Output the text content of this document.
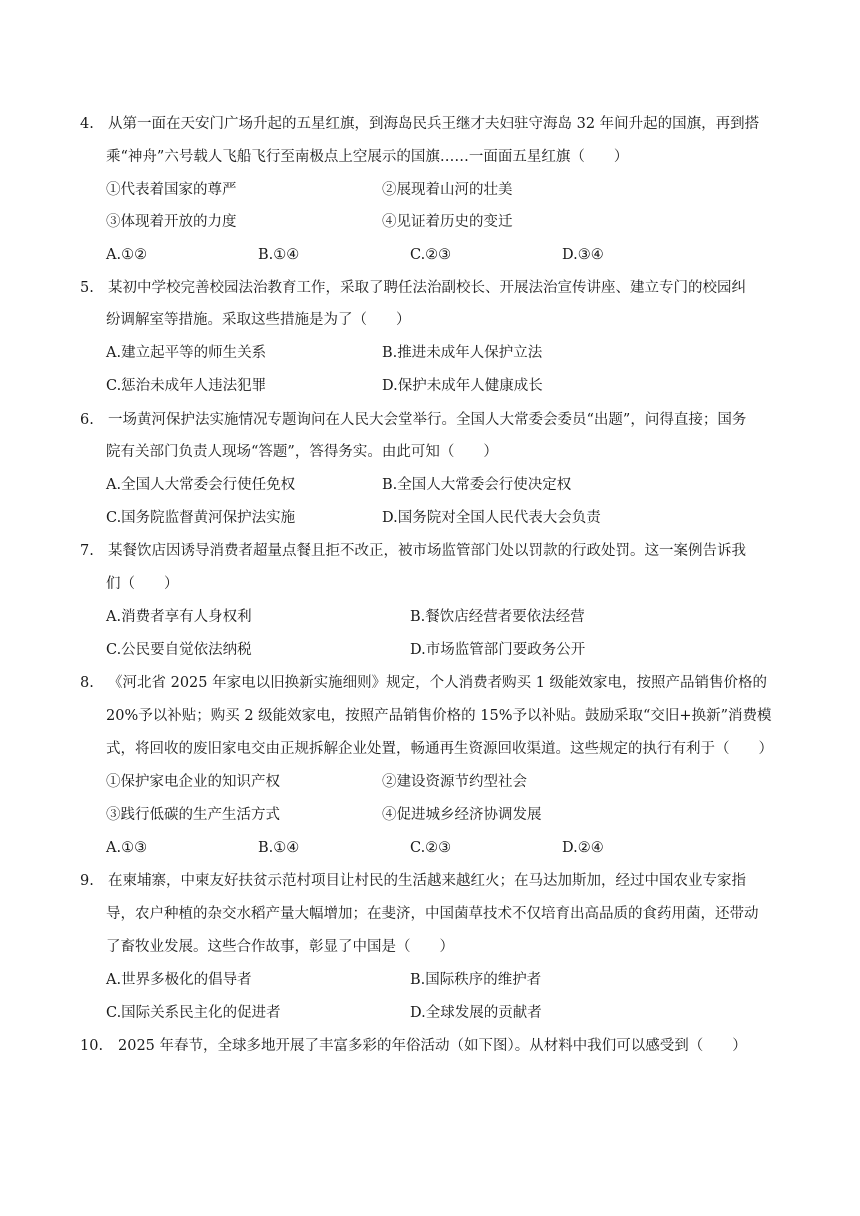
4. 从第一面在天安门广场升起的五星红旗，到海岛民兵王继才夫妇驻守海岛 32 年间升起的国旗，再到搭
乘“神舟”六号载人飞船飞行至南极点上空展示的国旗……一面面五星红旗（　　）
①代表着国家的尊严	②展现着山河的壮美
③体现着开放的力度	④见证着历史的变迁
A.①②	B.①④	C.②③	D.③④
5. 某初中学校完善校园法治教育工作，采取了聘任法治副校长、开展法治宣传讲座、建立专门的校园纠
纷调解室等措施。采取这些措施是为了（　　）
A.建立起平等的师生关系	B.推进未成年人保护立法
C.惩治未成年人违法犯罪	D.保护未成年人健康成长
6. 一场黄河保护法实施情况专题询问在人民大会堂举行。全国人大常委会委员“出题”，问得直接；国务
院有关部门负责人现场“答题”，答得务实。由此可知（　　）
A.全国人大常委会行使任免权	B.全国人大常委会行使决定权
C.国务院监督黄河保护法实施	D.国务院对全国人民代表大会负责
7. 某餐饮店因诱导消费者超量点餐且拒不改正，被市场监管部门处以罚款的行政处罚。这一案例告诉我
们（　　）
A.消费者享有人身权利	B.餐饮店经营者要依法经营
C.公民要自觉依法纳税	D.市场监管部门要政务公开
8. 《河北省 2025 年家电以旧换新实施细则》规定，个人消费者购买 1 级能效家电，按照产品销售价格的
20%予以补贴；购买 2 级能效家电，按照产品销售价格的 15%予以补贴。鼓励采取“交旧+换新”消费模
式，将回收的废旧家电交由正规拆解企业处置，畅通再生资源回收渠道。这些规定的执行有利于（　　）
①保护家电企业的知识产权	②建设资源节约型社会
③践行低碳的生产生活方式	④促进城乡经济协调发展
A.①③	B.①④	C.②③	D.②④
9. 在柬埔寨，中柬友好扶贫示范村项目让村民的生活越来越红火；在马达加斯加，经过中国农业专家指
导，农户种植的杂交水稻产量大幅增加；在斐济，中国菌草技术不仅培育出高品质的食药用菌，还带动
了畜牧业发展。这些合作故事，彰显了中国是（　　）
A.世界多极化的倡导者	B.国际秩序的维护者
C.国际关系民主化的促进者	D.全球发展的贡献者
10. 2025 年春节，全球多地开展了丰富多彩的年俗活动（如下图）。从材料中我们可以感受到（　　）
